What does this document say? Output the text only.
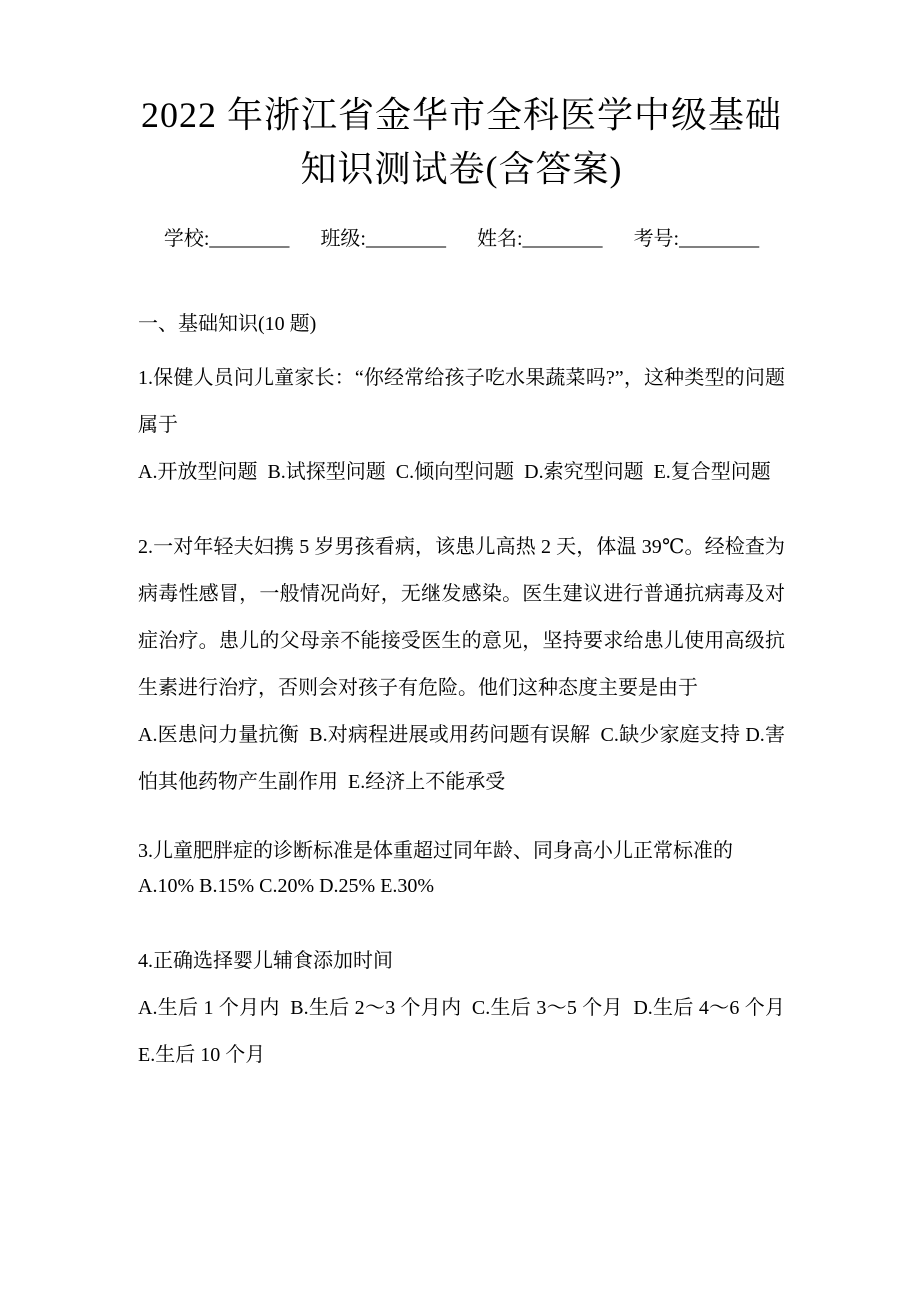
2022 年浙江省金华市全科医学中级基础知识测试卷(含答案)
学校:________ 班级:________ 姓名:________ 考号:________
一、基础知识(10 题)

1.保健人员问儿童家长：“你经常给孩子吃水果蔬菜吗?”，这种类型的问题属于

A.开放型问题  B.试探型问题  C.倾向型问题  D.索究型问题  E.复合型问题

2.一对年轻夫妇携 5 岁男孩看病，该患儿高热 2 天，体温 39℃。经检查为病毒性感冒，一般情况尚好，无继发感染。医生建议进行普通抗病毒及对症治疗。患儿的父母亲不能接受医生的意见，坚持要求给患儿使用高级抗生素进行治疗，否则会对孩子有危险。他们这种态度主要是由于

A.医患问力量抗衡  B.对病程进展或用药问题有误解  C.缺少家庭支持 D.害怕其他药物产生副作用  E.经济上不能承受

3.儿童肥胖症的诊断标准是体重超过同年龄、同身高小儿正常标准的

A.10% B.15% C.20% D.25% E.30%

4.正确选择婴儿辅食添加时间

A.生后 1 个月内  B.生后 2～3 个月内  C.生后 3～5 个月  D.生后 4～6 个月  E.生后 10 个月
